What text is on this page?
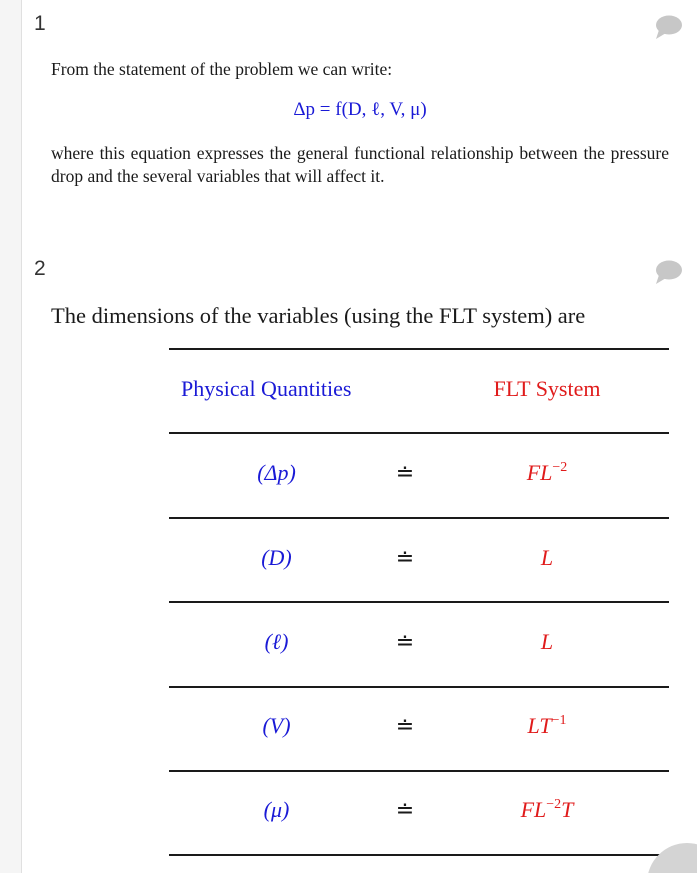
1
From the statement of the problem we can write:
Δp = f(D, ℓ, V, μ)
where this equation expresses the general functional relationship between the pressure drop and the several variables that will affect it.
2
The dimensions of the variables (using the FLT system) are
Physical Quantities	FLT System
(Δp)	≐	$FL^{-2}$
(D)	≐	L
(ℓ)	≐	L
(V)	≐	$LT^{-1}$
(μ)	≐	$FL^{-2}T$
